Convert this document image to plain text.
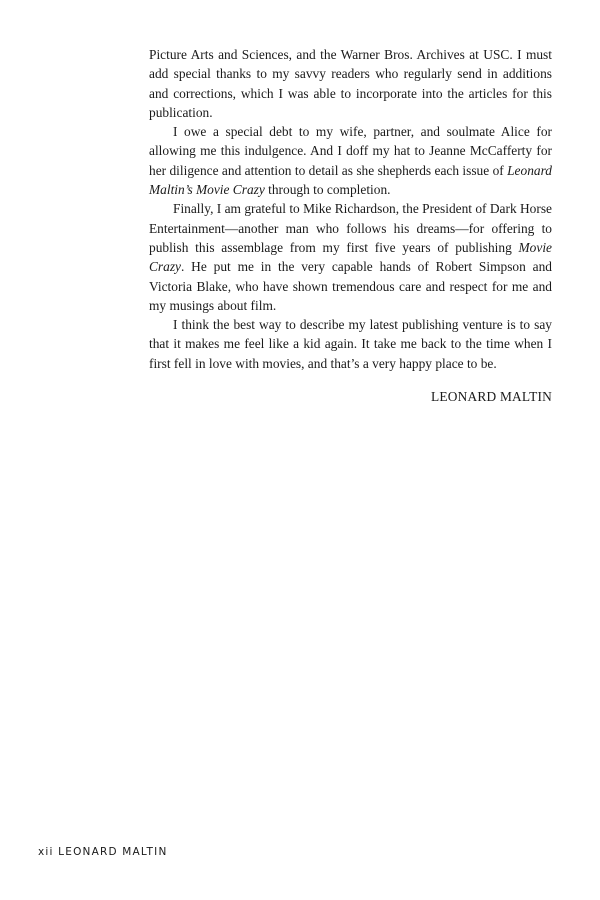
Picture Arts and Sciences, and the Warner Bros. Archives at USC. I must add special thanks to my savvy readers who regularly send in additions and corrections, which I was able to incorporate into the articles for this publication.

I owe a special debt to my wife, partner, and soulmate Alice for allowing me this indulgence. And I doff my hat to Jeanne McCafferty for her diligence and attention to detail as she shepherds each issue of Leonard Maltin’s Movie Crazy through to completion.

Finally, I am grateful to Mike Richardson, the President of Dark Horse Entertainment—another man who follows his dreams—for offering to publish this assemblage from my first five years of publishing Movie Crazy. He put me in the very capable hands of Robert Simpson and Victoria Blake, who have shown tremendous care and respect for me and my musings about film.

I think the best way to describe my latest publishing venture is to say that it makes me feel like a kid again. It take me back to the time when I first fell in love with movies, and that’s a very happy place to be.

LEONARD MALTIN

xii LEONARD MALTIN
